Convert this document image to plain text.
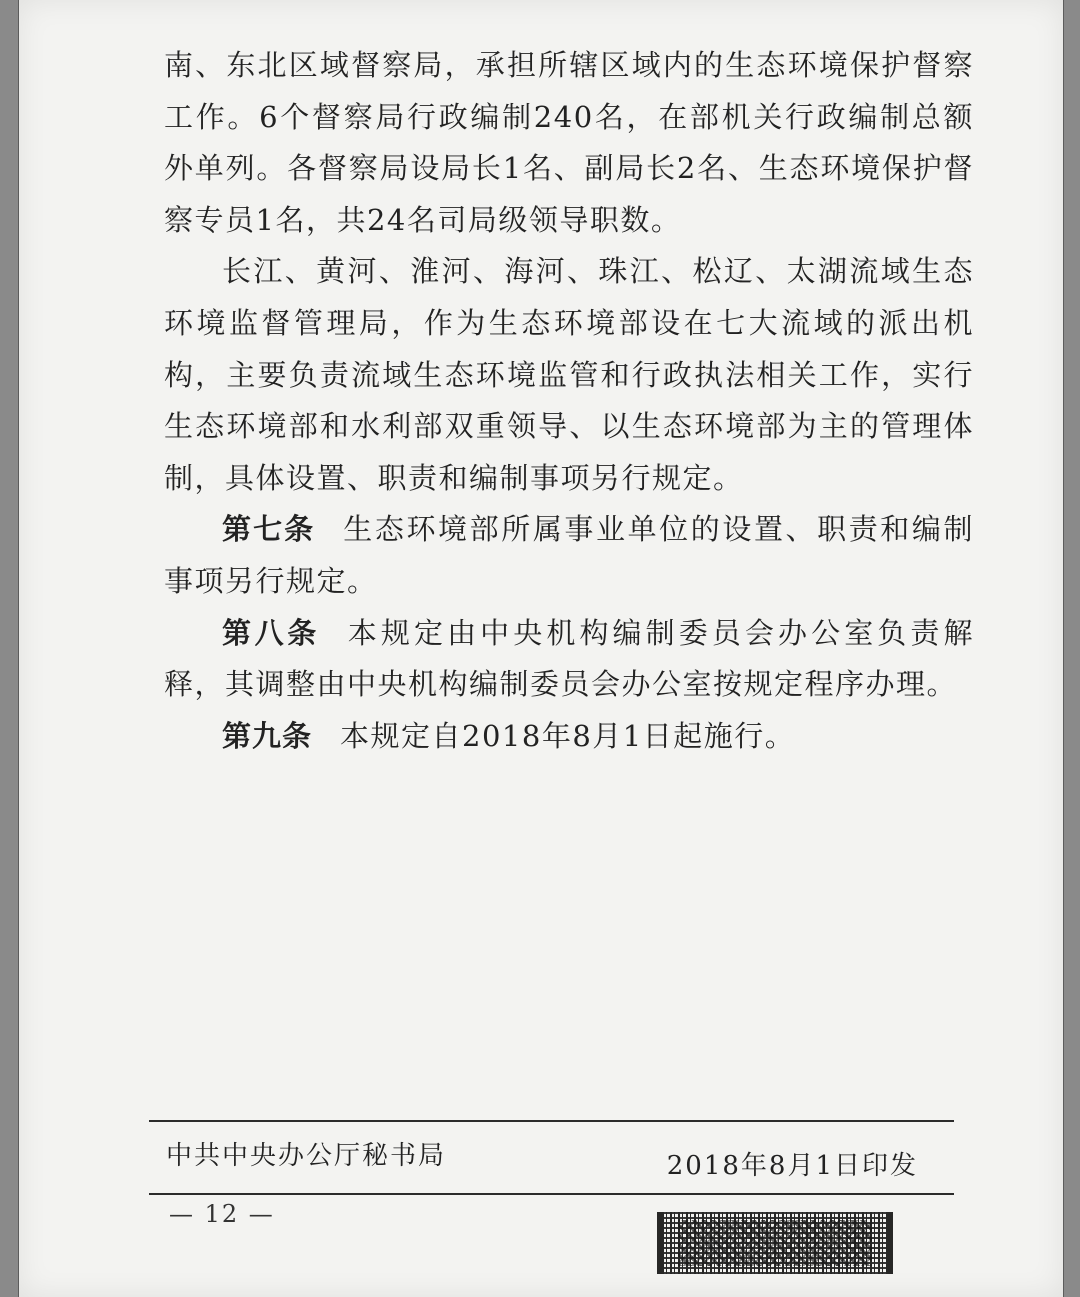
南、东北区域督察局，承担所辖区域内的生态环境保护督察工作。6个督察局行政编制240名，在部机关行政编制总额外单列。各督察局设局长1名、副局长2名、生态环境保护督察专员1名，共24名司局级领导职数。

长江、黄河、淮河、海河、珠江、松辽、太湖流域生态环境监督管理局，作为生态环境部设在七大流域的派出机构，主要负责流域生态环境监管和行政执法相关工作，实行生态环境部和水利部双重领导、以生态环境部为主的管理体制，具体设置、职责和编制事项另行规定。

第七条 生态环境部所属事业单位的设置、职责和编制事项另行规定。

第八条 本规定由中央机构编制委员会办公室负责解释，其调整由中央机构编制委员会办公室按规定程序办理。

第九条 本规定自2018年8月1日起施行。

中共中央办公厅秘书局	2018年8月1日印发
— 12 —
